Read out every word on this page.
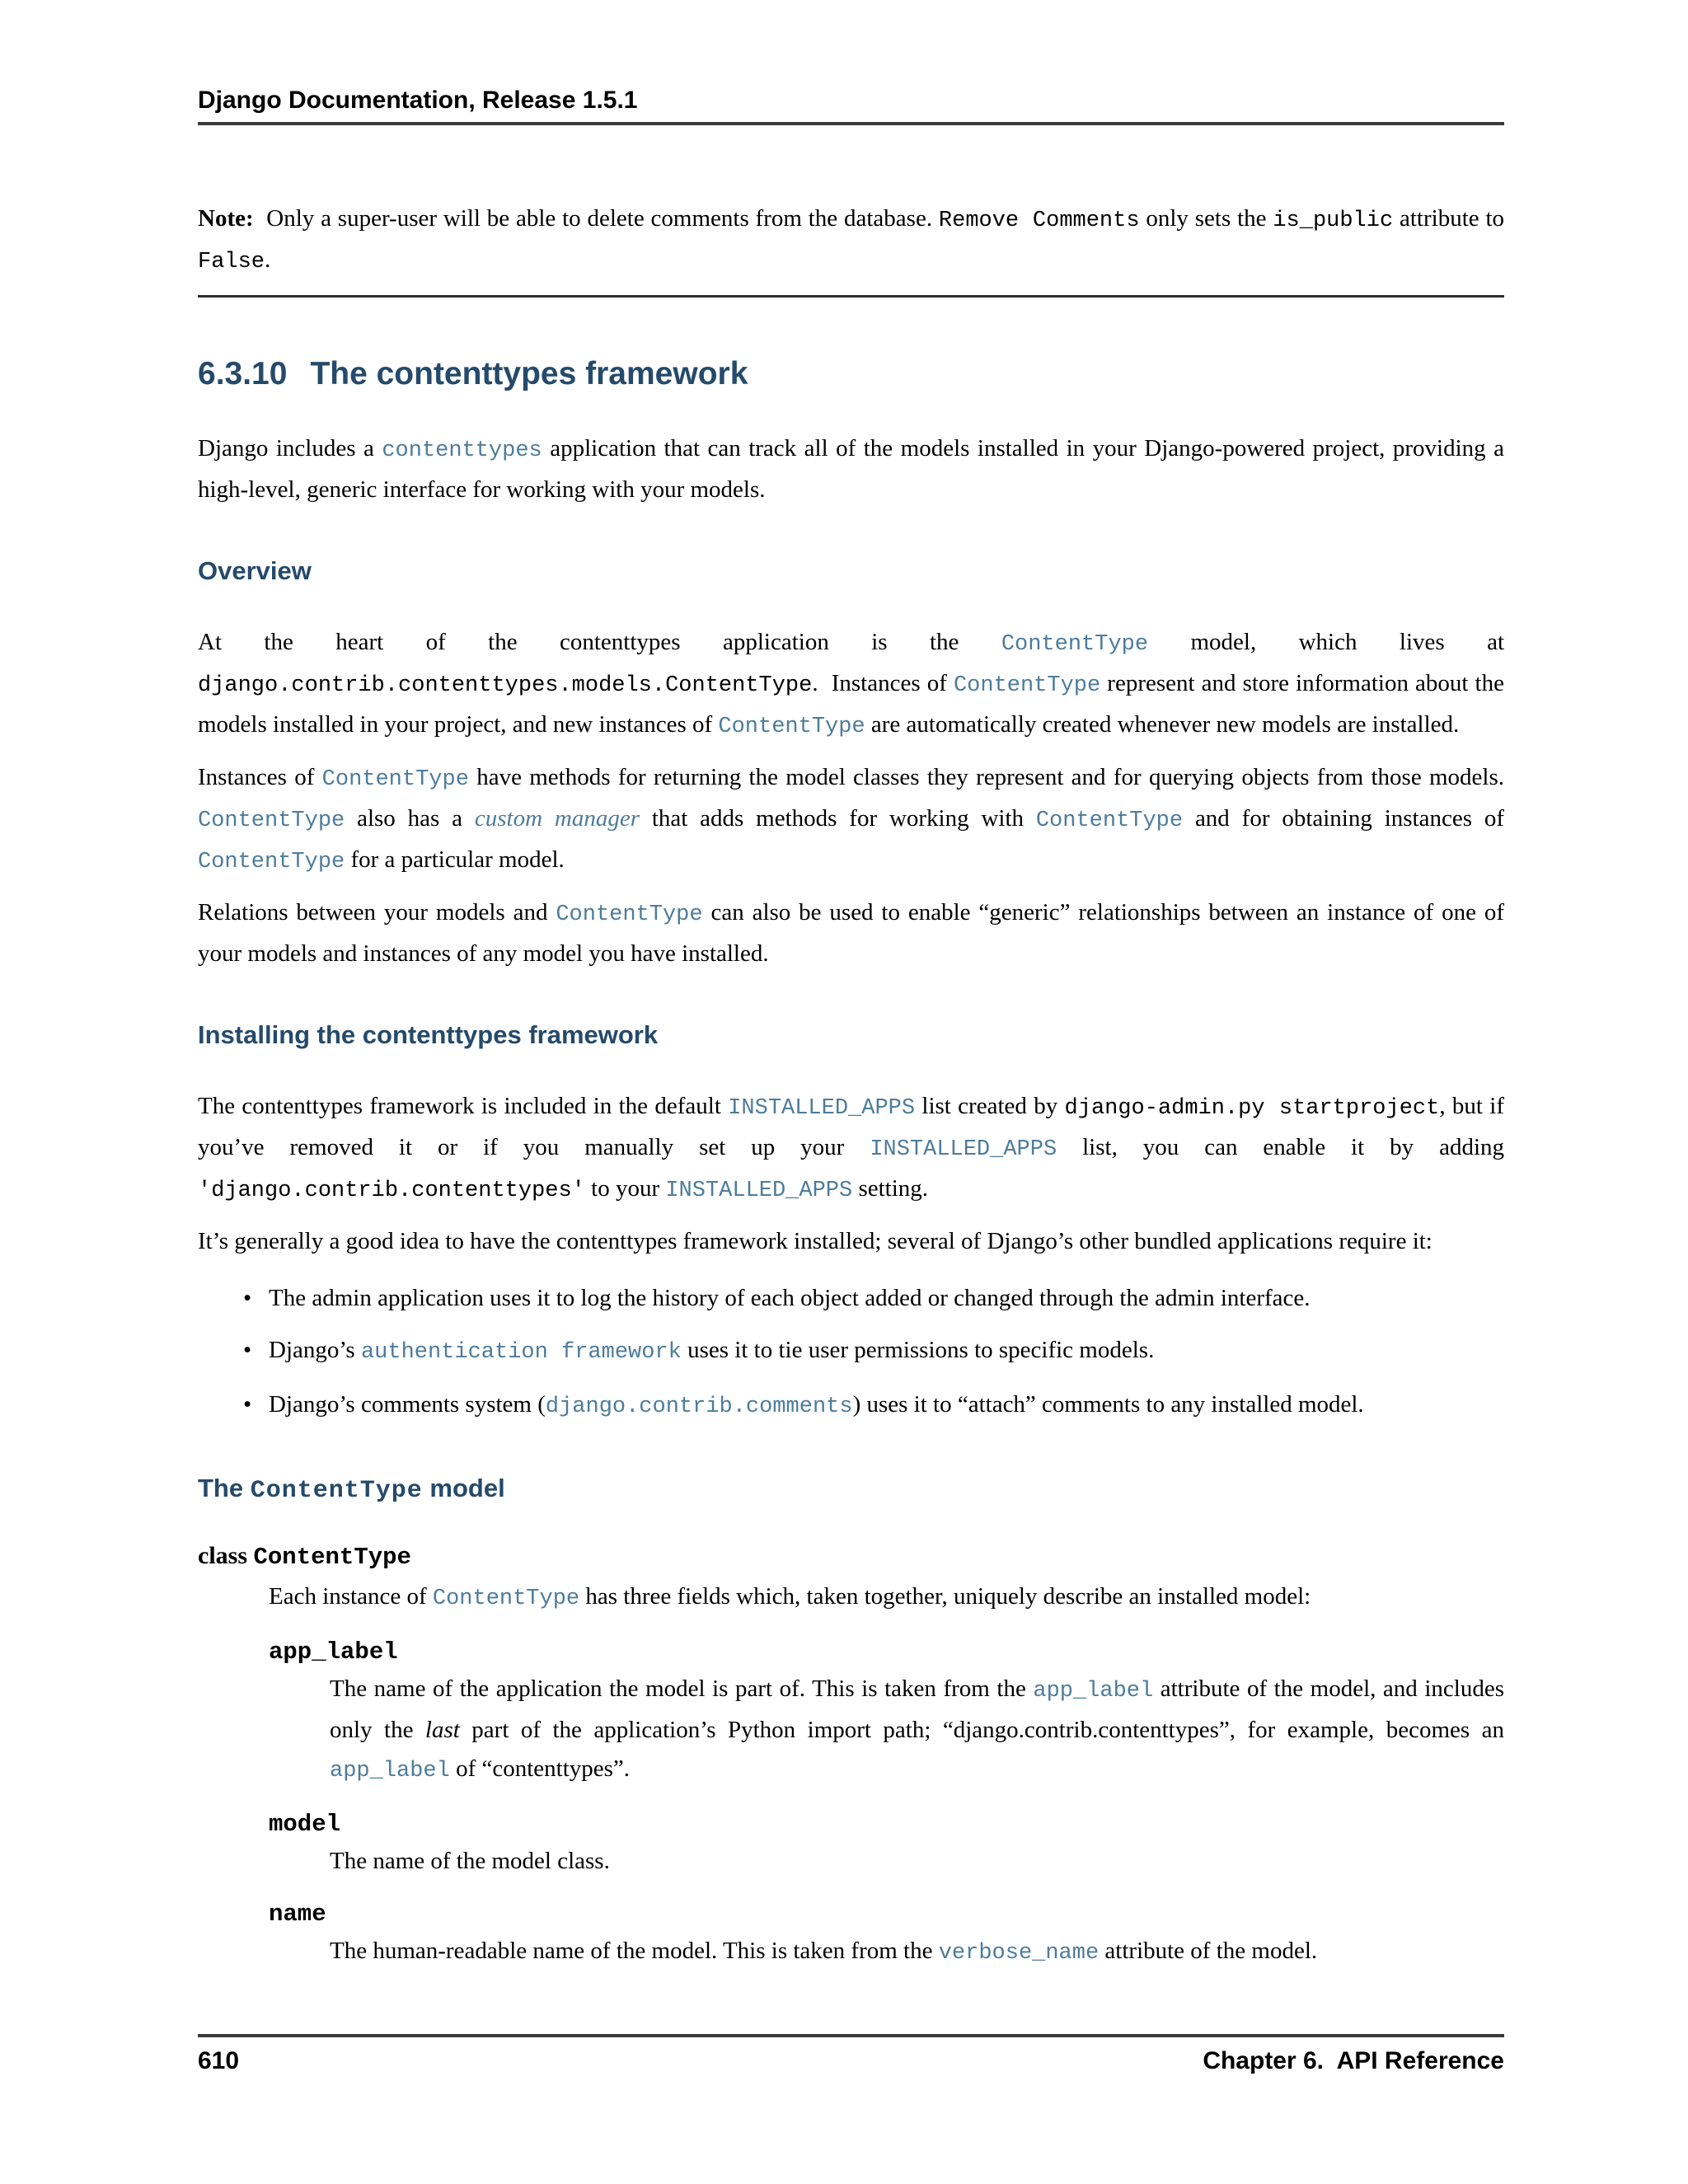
Django Documentation, Release 1.5.1

Note:  Only a super-user will be able to delete comments from the database. Remove Comments only sets the is_public attribute to False.

6.3.10 The contenttypes framework

Django includes a contenttypes application that can track all of the models installed in your Django-powered project, providing a high-level, generic interface for working with your models.

Overview

At the heart of the contenttypes application is the ContentType model, which lives at django.contrib.contenttypes.models.ContentType.  Instances of ContentType represent and store information about the models installed in your project, and new instances of ContentType are automatically created whenever new models are installed.

Instances of ContentType have methods for returning the model classes they represent and for querying objects from those models. ContentType also has a custom manager that adds methods for working with ContentType and for obtaining instances of ContentType for a particular model.

Relations between your models and ContentType can also be used to enable “generic” relationships between an instance of one of your models and instances of any model you have installed.

Installing the contenttypes framework

The contenttypes framework is included in the default INSTALLED_APPS list created by django-admin.py startproject, but if you’ve removed it or if you manually set up your INSTALLED_APPS list, you can enable it by adding 'django.contrib.contenttypes' to your INSTALLED_APPS setting.

It’s generally a good idea to have the contenttypes framework installed; several of Django’s other bundled applications require it:

• The admin application uses it to log the history of each object added or changed through the admin interface.
• Django’s authentication framework uses it to tie user permissions to specific models.
• Django’s comments system (django.contrib.comments) uses it to “attach” comments to any installed model.
The ContentType model
class ContentType

Each instance of ContentType has three fields which, taken together, uniquely describe an installed model:

app_label

The name of the application the model is part of. This is taken from the app_label attribute of the model, and includes only the last part of the application’s Python import path; “django.contrib.contenttypes”, for example, becomes an app_label of “contenttypes”.

model

The name of the model class.

name

The human-readable name of the model. This is taken from the verbose_name attribute of the model.

610	Chapter 6.  API Reference
